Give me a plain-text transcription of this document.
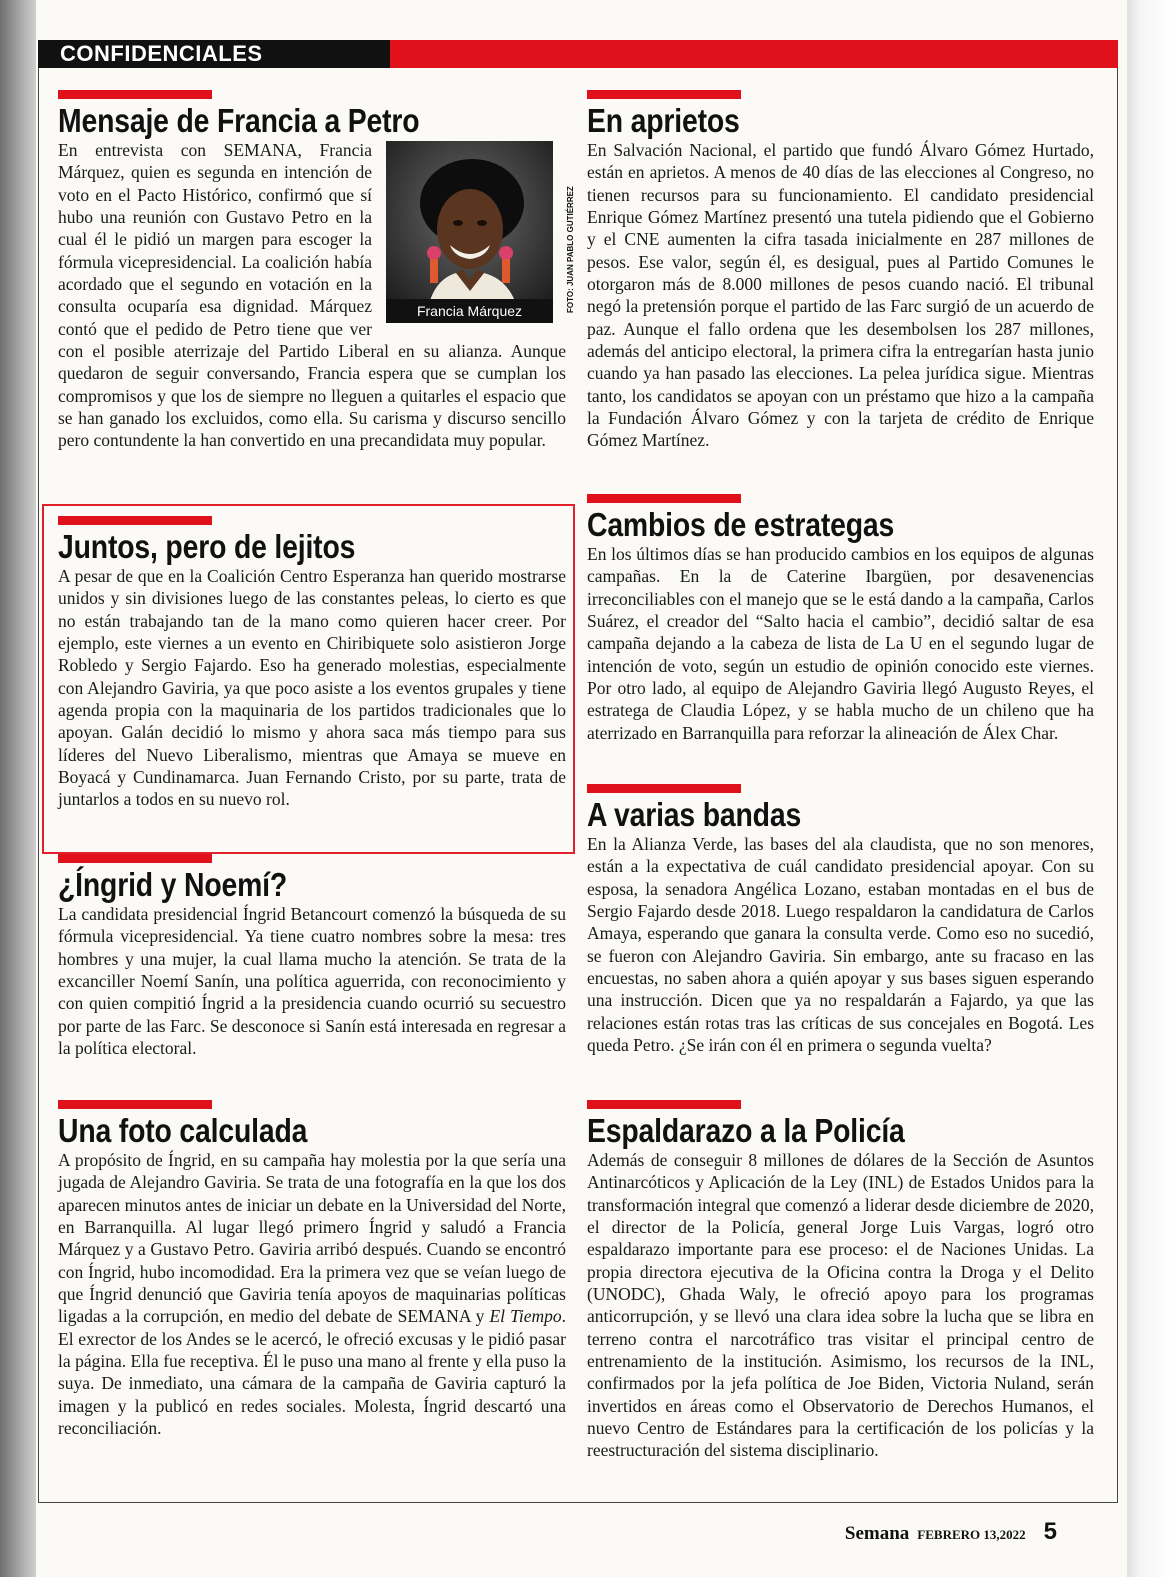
CONFIDENCIALES
Mensaje de Francia a Petro
Francia Márquez	FOTO: JUAN PABLO GUTIÉRREZ

En entrevista con SEMANA, Francia Márquez, quien es segunda en intención de voto en el Pacto Histórico, confirmó que sí hubo una reunión con Gustavo Petro en la cual él le pidió un margen para escoger la fórmula vicepresidencial. La coalición había acordado que el segundo en votación en la consulta ocuparía esa dignidad. Márquez contó que el pedido de Petro tiene que ver con el posible aterrizaje del Partido Liberal en su alianza. Aunque quedaron de seguir conversando, Francia espera que se cumplan los compromisos y que los de siempre no lleguen a quitarles el espacio que se han ganado los excluidos, como ella. Su carisma y discurso sencillo pero contundente la han convertido en una precandidata muy popular.

Juntos, pero de lejitos

A pesar de que en la Coalición Centro Esperanza han querido mostrarse unidos y sin divisiones luego de las constantes peleas, lo cierto es que no están trabajando tan de la mano como quieren hacer creer. Por ejemplo, este viernes a un evento en Chiribiquete solo asistieron Jorge Robledo y Sergio Fajardo. Eso ha generado molestias, especialmente con Alejandro Gaviria, ya que poco asiste a los eventos grupales y tiene agenda propia con la maquinaria de los partidos tradicionales que lo apoyan. Galán decidió lo mismo y ahora saca más tiempo para sus líderes del Nuevo Liberalismo, mientras que Amaya se mueve en Boyacá y Cundinamarca. Juan Fernando Cristo, por su parte, trata de juntarlos a todos en su nuevo rol.

¿Íngrid y Noemí?

La candidata presidencial Íngrid Betancourt comenzó la búsqueda de su fórmula vicepresidencial. Ya tiene cuatro nombres sobre la mesa: tres hombres y una mujer, la cual llama mucho la atención. Se trata de la excanciller Noemí Sanín, una política aguerrida, con reconocimiento y con quien compitió Íngrid a la presidencia cuando ocurrió su secuestro por parte de las Farc. Se desconoce si Sanín está interesada en regresar a la política electoral.

Una foto calculada

A propósito de Íngrid, en su campaña hay molestia por la que sería una jugada de Alejandro Gaviria. Se trata de una fotografía en la que los dos aparecen minutos antes de iniciar un debate en la Universidad del Norte, en Barranquilla. Al lugar llegó primero Íngrid y saludó a Francia Márquez y a Gustavo Petro. Gaviria arribó después. Cuando se encontró con Íngrid, hubo incomodidad. Era la primera vez que se veían luego de que Íngrid denunció que Gaviria tenía apoyos de maquinarias políticas ligadas a la corrupción, en medio del debate de SEMANA y El Tiempo. El exrector de los Andes se le acercó, le ofreció excusas y le pidió pasar la página. Ella fue receptiva. Él le puso una mano al frente y ella puso la suya. De inmediato, una cámara de la campaña de Gaviria capturó la imagen y la publicó en redes sociales. Molesta, Íngrid descartó una reconciliación.

En aprietos

En Salvación Nacional, el partido que fundó Álvaro Gómez Hurtado, están en aprietos. A menos de 40 días de las elecciones al Congreso, no tienen recursos para su funcionamiento. El candidato presidencial Enrique Gómez Martínez presentó una tutela pidiendo que el Gobierno y el CNE aumenten la cifra tasada inicialmente en 287 millones de pesos. Ese valor, según él, es desigual, pues al Partido Comunes le otorgaron más de 8.000 millones de pesos cuando nació. El tribunal negó la pretensión porque el partido de las Farc surgió de un acuerdo de paz. Aunque el fallo ordena que les desembolsen los 287 millones, además del anticipo electoral, la primera cifra la entregarían hasta junio cuando ya han pasado las elecciones. La pelea jurídica sigue. Mientras tanto, los candidatos se apoyan con un préstamo que hizo a la campaña la Fundación Álvaro Gómez y con la tarjeta de crédito de Enrique Gómez Martínez.

Cambios de estrategas

En los últimos días se han producido cambios en los equipos de algunas campañas. En la de Caterine Ibargüen, por desavenencias irreconciliables con el manejo que se le está dando a la campaña, Carlos Suárez, el creador del “Salto hacia el cambio”, decidió saltar de esa campaña dejando a la cabeza de lista de La U en el segundo lugar de intención de voto, según un estudio de opinión conocido este viernes. Por otro lado, al equipo de Alejandro Gaviria llegó Augusto Reyes, el estratega de Claudia López, y se habla mucho de un chileno que ha aterrizado en Barranquilla para reforzar la alineación de Álex Char.

A varias bandas

En la Alianza Verde, las bases del ala claudista, que no son menores, están a la expectativa de cuál candidato presidencial apoyar. Con su esposa, la senadora Angélica Lozano, estaban montadas en el bus de Sergio Fajardo desde 2018. Luego respaldaron la candidatura de Carlos Amaya, esperando que ganara la consulta verde. Como eso no sucedió, se fueron con Alejandro Gaviria. Sin embargo, ante su fracaso en las encuestas, no saben ahora a quién apoyar y sus bases siguen esperando una instrucción. Dicen que ya no respaldarán a Fajardo, ya que las relaciones están rotas tras las críticas de sus concejales en Bogotá. Les queda Petro. ¿Se irán con él en primera o segunda vuelta?

Espaldarazo a la Policía

Además de conseguir 8 millones de dólares de la Sección de Asuntos Antinarcóticos y Aplicación de la Ley (INL) de Estados Unidos para la transformación integral que comenzó a liderar desde diciembre de 2020, el director de la Policía, general Jorge Luis Vargas, logró otro espaldarazo importante para ese proceso: el de Naciones Unidas. La propia directora ejecutiva de la Oficina contra la Droga y el Delito (UNODC), Ghada Waly, le ofreció apoyo para los programas anticorrupción, y se llevó una clara idea sobre la lucha que se libra en terreno contra el narcotráfico tras visitar el principal centro de entrenamiento de la institución. Asimismo, los recursos de la INL, confirmados por la jefa política de Joe Biden, Victoria Nuland, serán invertidos en áreas como el Observatorio de Derechos Humanos, el nuevo Centro de Estándares para la certificación de los policías y la reestructuración del sistema disciplinario.

Semana FEBRERO 13,2022 5
